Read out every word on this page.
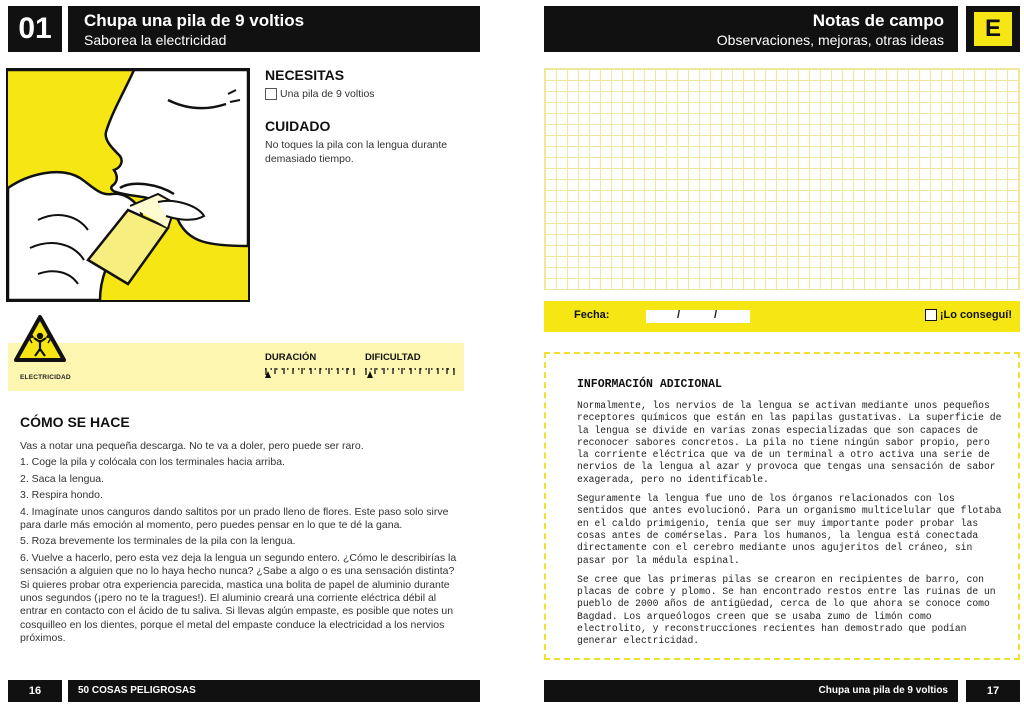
01	Chupa una pila de 9 voltios
Saborea la electricidad
NECESITAS
Una pila de 9 voltios
CUIDADO
No toques la pila con la lengua durante demasiado tiempo.
ELECTRICIDAD
DURACIÓN	DIFICULTAD
CÓMO SE HACE

Vas a notar una pequeña descarga. No te va a doler, pero puede ser raro.

1. Coge la pila y colócala con los terminales hacia arriba.

2. Saca la lengua.

3. Respira hondo.

4. Imagínate unos canguros dando saltitos por un prado lleno de flores. Este paso solo sirve para darle más emoción al momento, pero puedes pensar en lo que te dé la gana.

5. Roza brevemente los terminales de la pila con la lengua.

6. Vuelve a hacerlo, pero esta vez deja la lengua un segundo entero. ¿Cómo le describirías la sensación a alguien que no lo haya hecho nunca? ¿Sabe a algo o es una sensación distinta? Si quieres probar otra experiencia parecida, mastica una bolita de papel de aluminio durante unos segundos (¡pero no te la tragues!). El aluminio creará una corriente eléctrica débil al entrar en contacto con el ácido de tu saliva. Si llevas algún empaste, es posible que notes un cosquilleo en los dientes, porque el metal del empaste conduce la electricidad a los nervios próximos.

16	50 COSAS PELIGROSAS
Notas de campo
Observaciones, mejoras, otras ideas	E
Fecha:	/	/	¡Lo conseguí!
INFORMACIÓN ADICIONAL

Normalmente, los nervios de la lengua se activan mediante unos pequeños receptores químicos que están en las papilas gustativas. La superficie de la lengua se divide en varias zonas especializadas que son capaces de reconocer sabores concretos. La pila no tiene ningún sabor propio, pero la corriente eléctrica que va de un terminal a otro activa una serie de nervios de la lengua al azar y provoca que tengas una sensación de sabor exagerada, pero no identificable.

Seguramente la lengua fue uno de los órganos relacionados con los sentidos que antes evolucionó. Para un organismo multicelular que flotaba en el caldo primigenio, tenía que ser muy importante poder probar las cosas antes de comérselas. Para los humanos, la lengua está conectada directamente con el cerebro mediante unos agujeritos del cráneo, sin pasar por la médula espinal.

Se cree que las primeras pilas se crearon en recipientes de barro, con placas de cobre y plomo. Se han encontrado restos entre las ruinas de un pueblo de 2000 años de antigüedad, cerca de lo que ahora se conoce como Bagdad. Los arqueólogos creen que se usaba zumo de limón como electrolito, y reconstrucciones recientes han demostrado que podían generar electricidad.

Chupa una pila de 9 voltios	17
